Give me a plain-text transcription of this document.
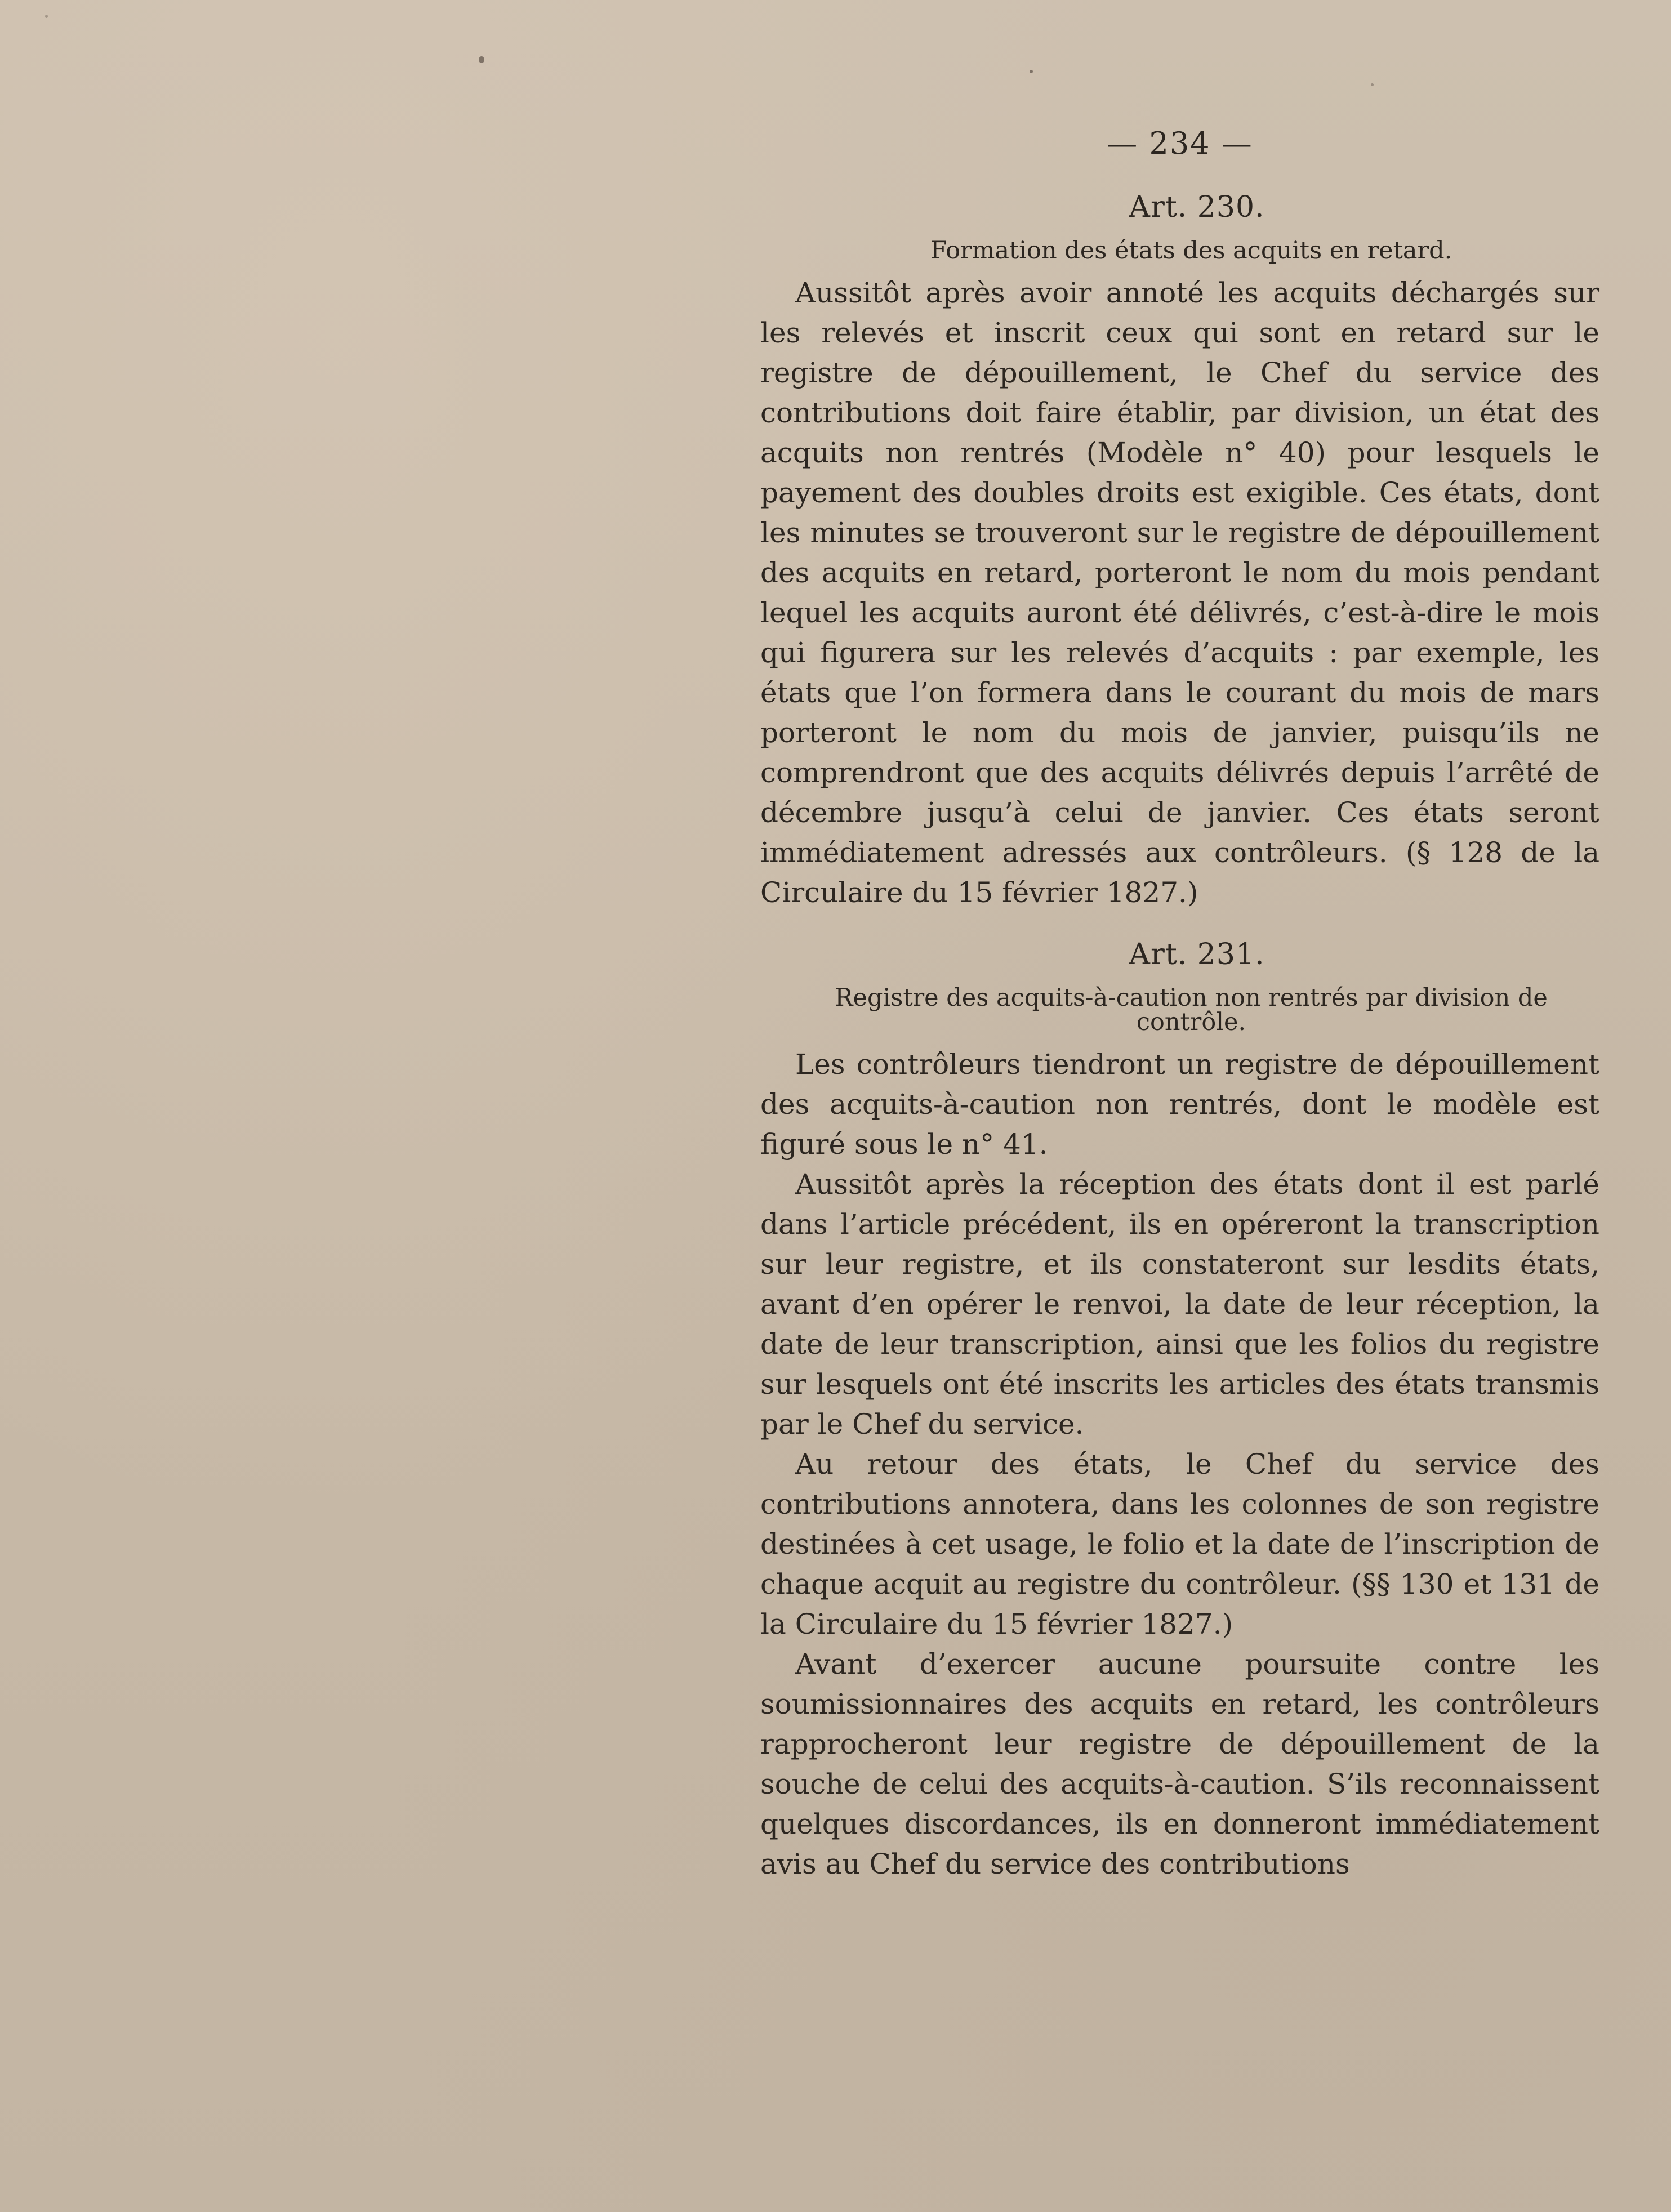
— 234 —
Art. 230.
Formation des états des acquits en retard.

Aussitôt après avoir annoté les acquits déchargés sur les relevés et inscrit ceux qui sont en retard sur le registre de dépouillement, le Chef du service des contributions doit faire établir, par division, un état des acquits non rentrés (Modèle n° 40) pour lesquels le payement des doubles droits est exigible. Ces états, dont les minutes se trouveront sur le registre de dépouillement des acquits en retard, porteront le nom du mois pendant lequel les acquits auront été délivrés, c’est-à-dire le mois qui figurera sur les relevés d’acquits : par exemple, les états que l’on formera dans le courant du mois de mars porteront le nom du mois de janvier, puisqu’ils ne comprendront que des acquits délivrés depuis l’arrêté de décembre jusqu’à celui de janvier. Ces états seront immédiatement adressés aux contrôleurs. (§ 128 de la Circulaire du 15 février 1827.)

Art. 231.
Registre des acquits-à-caution non rentrés par division de contrôle.

Les contrôleurs tiendront un registre de dépouillement des acquits-à-caution non rentrés, dont le modèle est figuré sous le n° 41.

Aussitôt après la réception des états dont il est parlé dans l’article précédent, ils en opéreront la transcription sur leur registre, et ils constateront sur lesdits états, avant d’en opérer le renvoi, la date de leur réception, la date de leur transcription, ainsi que les folios du registre sur lesquels ont été inscrits les articles des états transmis par le Chef du service.

Au retour des états, le Chef du service des contributions annotera, dans les colonnes de son registre destinées à cet usage, le folio et la date de l’inscription de chaque acquit au registre du contrôleur. (§§ 130 et 131 de la Circulaire du 15 février 1827.)

Avant d’exercer aucune poursuite contre les soumissionnaires des acquits en retard, les contrôleurs rapprocheront leur registre de dépouillement de la souche de celui des acquits-à-caution. S’ils reconnaissent quelques discordances, ils en donneront immédiatement avis au Chef du service des contributions
